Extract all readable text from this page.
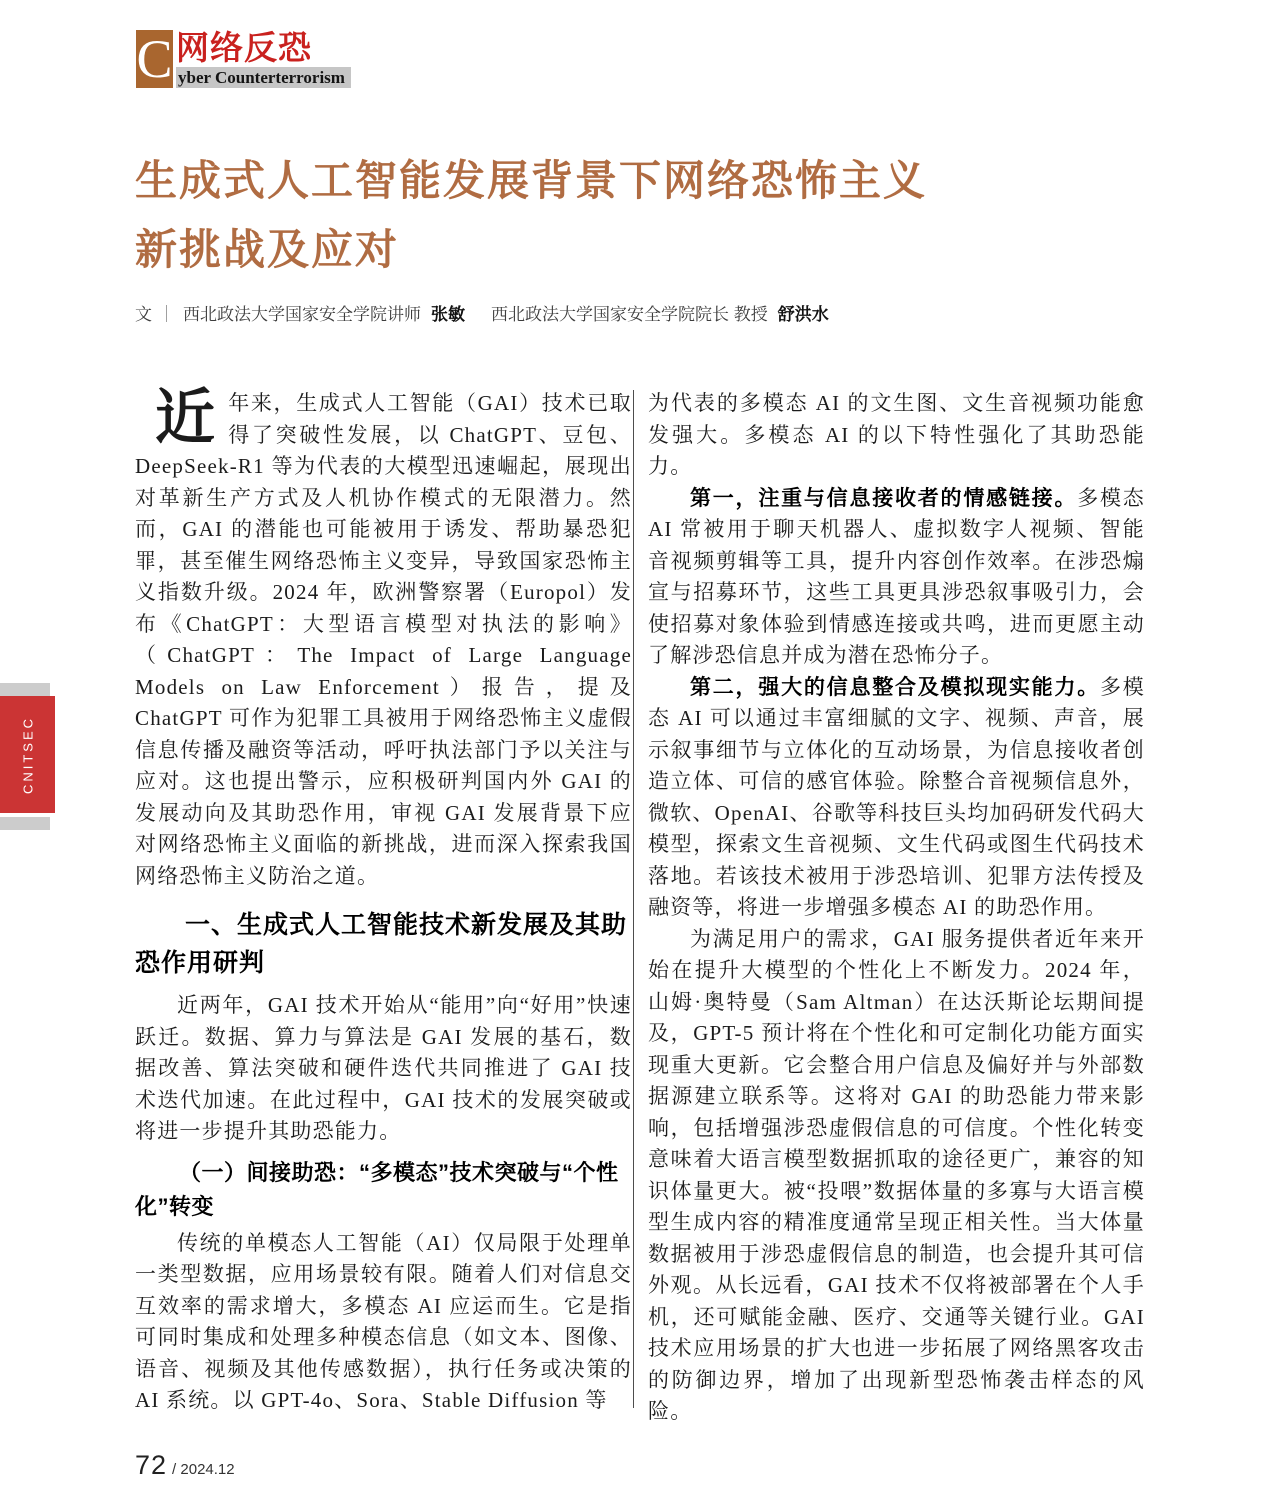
C 网络反恐
yber Counterterrorism
CNITSEC
生成式人工智能发展背景下网络恐怖主义
新挑战及应对
文 ｜ 西北政法大学国家安全学院讲师 张敏 西北政法大学国家安全学院院长 教授 舒洪水

近年来，生成式人工智能（GAI）技术已取得了突破性发展，以 ChatGPT、豆包、DeepSeek-R1 等为代表的大模型迅速崛起，展现出对革新生产方式及人机协作模式的无限潜力。然而，GAI 的潜能也可能被用于诱发、帮助暴恐犯罪，甚至催生网络恐怖主义变异，导致国家恐怖主义指数升级。2024 年，欧洲警察署（Europol）发布《ChatGPT：大型语言模型对执法的影响》（ChatGPT：The Impact of Large Language Models on Law Enforcement）报告，提及 ChatGPT 可作为犯罪工具被用于网络恐怖主义虚假信息传播及融资等活动，呼吁执法部门予以关注与应对。这也提出警示，应积极研判国内外 GAI 的发展动向及其助恐作用，审视 GAI 发展背景下应对网络恐怖主义面临的新挑战，进而深入探索我国网络恐怖主义防治之道。

一、生成式人工智能技术新发展及其助恐作用研判

近两年，GAI 技术开始从“能用”向“好用”快速跃迁。数据、算力与算法是 GAI 发展的基石，数据改善、算法突破和硬件迭代共同推进了 GAI 技术迭代加速。在此过程中，GAI 技术的发展突破或将进一步提升其助恐能力。

（一）间接助恐：“多模态”技术突破与“个性化”转变

传统的单模态人工智能（AI）仅局限于处理单一类型数据，应用场景较有限。随着人们对信息交互效率的需求增大，多模态 AI 应运而生。它是指可同时集成和处理多种模态信息（如文本、图像、语音、视频及其他传感数据），执行任务或决策的 AI 系统。以 GPT-4o、Sora、Stable Diffusion 等

为代表的多模态 AI 的文生图、文生音视频功能愈发强大。多模态 AI 的以下特性强化了其助恐能力。

第一，注重与信息接收者的情感链接。多模态 AI 常被用于聊天机器人、虚拟数字人视频、智能音视频剪辑等工具，提升内容创作效率。在涉恐煽宣与招募环节，这些工具更具涉恐叙事吸引力，会使招募对象体验到情感连接或共鸣，进而更愿主动了解涉恐信息并成为潜在恐怖分子。

第二，强大的信息整合及模拟现实能力。多模态 AI 可以通过丰富细腻的文字、视频、声音，展示叙事细节与立体化的互动场景，为信息接收者创造立体、可信的感官体验。除整合音视频信息外，微软、OpenAI、谷歌等科技巨头均加码研发代码大模型，探索文生音视频、文生代码或图生代码技术落地。若该技术被用于涉恐培训、犯罪方法传授及融资等，将进一步增强多模态 AI 的助恐作用。

为满足用户的需求，GAI 服务提供者近年来开始在提升大模型的个性化上不断发力。2024 年，山姆·奥特曼（Sam Altman）在达沃斯论坛期间提及，GPT-5 预计将在个性化和可定制化功能方面实现重大更新。它会整合用户信息及偏好并与外部数据源建立联系等。这将对 GAI 的助恐能力带来影响，包括增强涉恐虚假信息的可信度。个性化转变意味着大语言模型数据抓取的途径更广，兼容的知识体量更大。被“投喂”数据体量的多寡与大语言模型生成内容的精准度通常呈现正相关性。当大体量数据被用于涉恐虚假信息的制造，也会提升其可信外观。从长远看，GAI 技术不仅将被部署在个人手机，还可赋能金融、医疗、交通等关键行业。GAI 技术应用场景的扩大也进一步拓展了网络黑客攻击的防御边界，增加了出现新型恐怖袭击样态的风险。

72 / 2024.12
